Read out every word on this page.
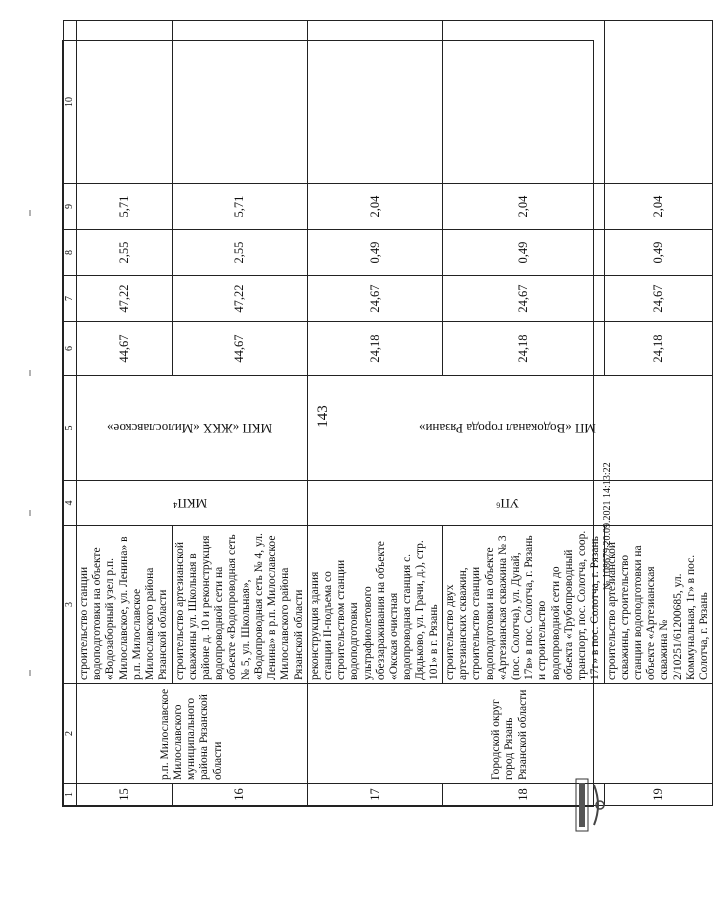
143
1	2	3	4	5	6	7	8	9	10
15	р.п. Милославское Милославского муниципального района Рязанской области	строительство станции водоподготовки на объекте «Водозаборный узел р.п. Милославское, ул. Ленина» в р.п. Милославское Милославского района Рязанской области	МКП⁴	МКП «ЖКХ «Милославское»	44,67	47,22	2,55	5,71	
16		строительство артезианской скважины ул. Школьная в районе д. 10 и реконструкция водопроводной сети на объекте «Водопроводная сеть № 5, ул. Школьная», «Водопроводная сеть № 4, ул. Ленина» в р.п. Милославское Милославского района Рязанской области			44,67	47,22	2,55	5,71	
17	Городской округ город Рязань Рязанской области	реконструкция здания станции II-подъема со строительством станции водоподготовки ультрафиолетового обеззараживания на объекте «Окская очистная водопроводная станция с. Дядьково, ул. Грачи, д.), стр. 101» в г. Рязань	УП⁶	МП «Водоканал города Рязани»	24,18	24,67	0,49	2,04	
18		строительство двух артезианских скважин, строительство станции водоподготовки на объекте «Артезианская скважина № 3 (пос. Солотча), ул. Дунай, 17в» в пос. Солотча, г. Рязань и строительство водопроводной сети до объекта «Трубопроводный транспорт, пос. Солотча, соор. 17г» в пос. Солотча, г. Рязань			24,18	24,67	0,49	2,04	
19		строительство артезианской скважины, строительство станции водоподготовки на объекте «Артезианская скважина № 2/10251/61200685, ул. Коммунальная, 1г» в пос. Солотча, г. Рязань			24,18	24,67	0,49	2,04	
№ 108679 20.09.2021 14:13:22
